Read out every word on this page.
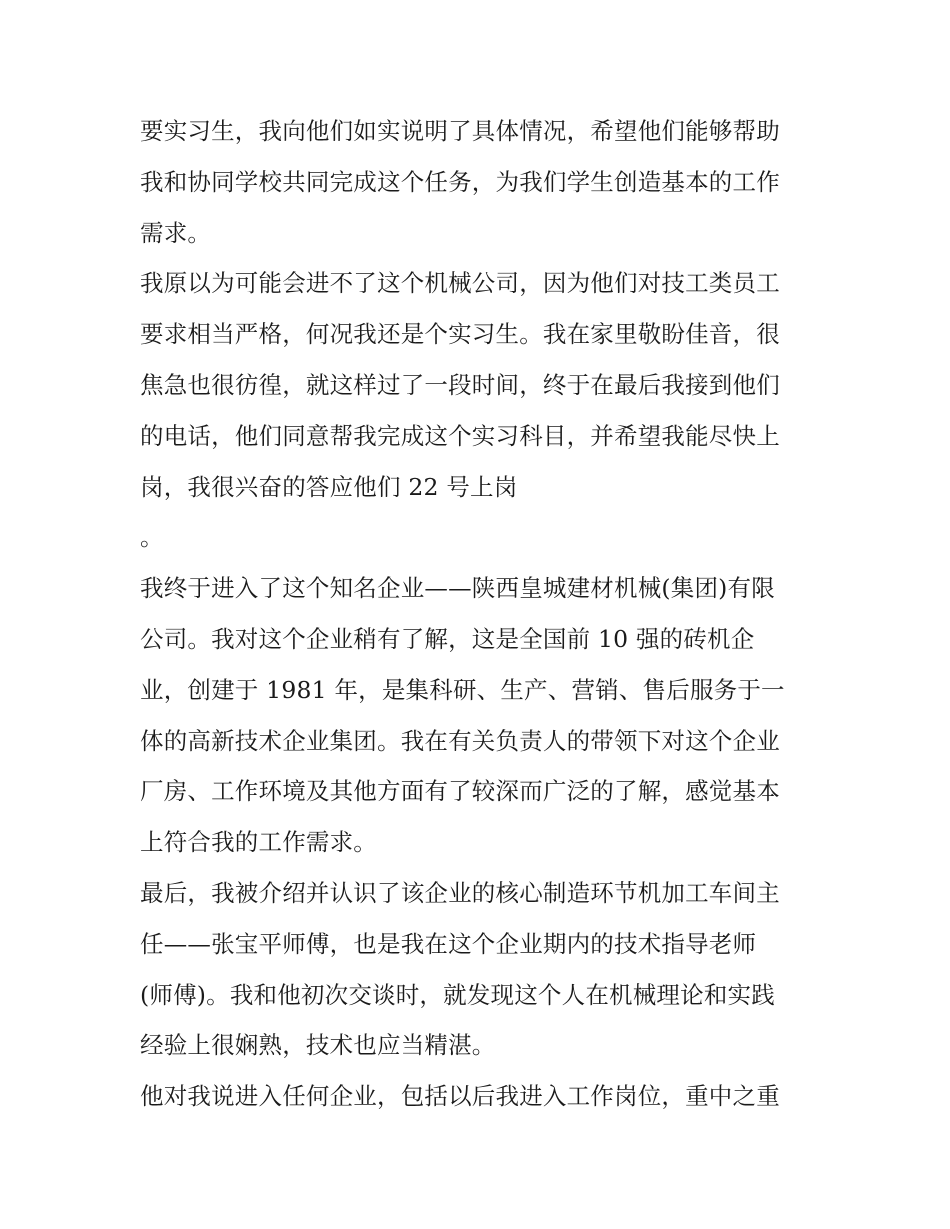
要实习生，我向他们如实说明了具体情况，希望他们能够帮助
我和协同学校共同完成这个任务，为我们学生创造基本的工作
需求。
我原以为可能会进不了这个机械公司，因为他们对技工类员工
要求相当严格，何况我还是个实习生。我在家里敬盼佳音，很
焦急也很彷徨，就这样过了一段时间，终于在最后我接到他们
的电话，他们同意帮我完成这个实习科目，并希望我能尽快上
岗，我很兴奋的答应他们 22 号上岗
。
我终于进入了这个知名企业——陕西皇城建材机械(集团)有限
公司。我对这个企业稍有了解，这是全国前 10 强的砖机企
业，创建于 1981 年，是集科研、生产、营销、售后服务于一
体的高新技术企业集团。我在有关负责人的带领下对这个企业
厂房、工作环境及其他方面有了较深而广泛的了解，感觉基本
上符合我的工作需求。
最后，我被介绍并认识了该企业的核心制造环节机加工车间主
任——张宝平师傅，也是我在这个企业期内的技术指导老师
(师傅)。我和他初次交谈时，就发现这个人在机械理论和实践
经验上很娴熟，技术也应当精湛。
他对我说进入任何企业，包括以后我进入工作岗位，重中之重
